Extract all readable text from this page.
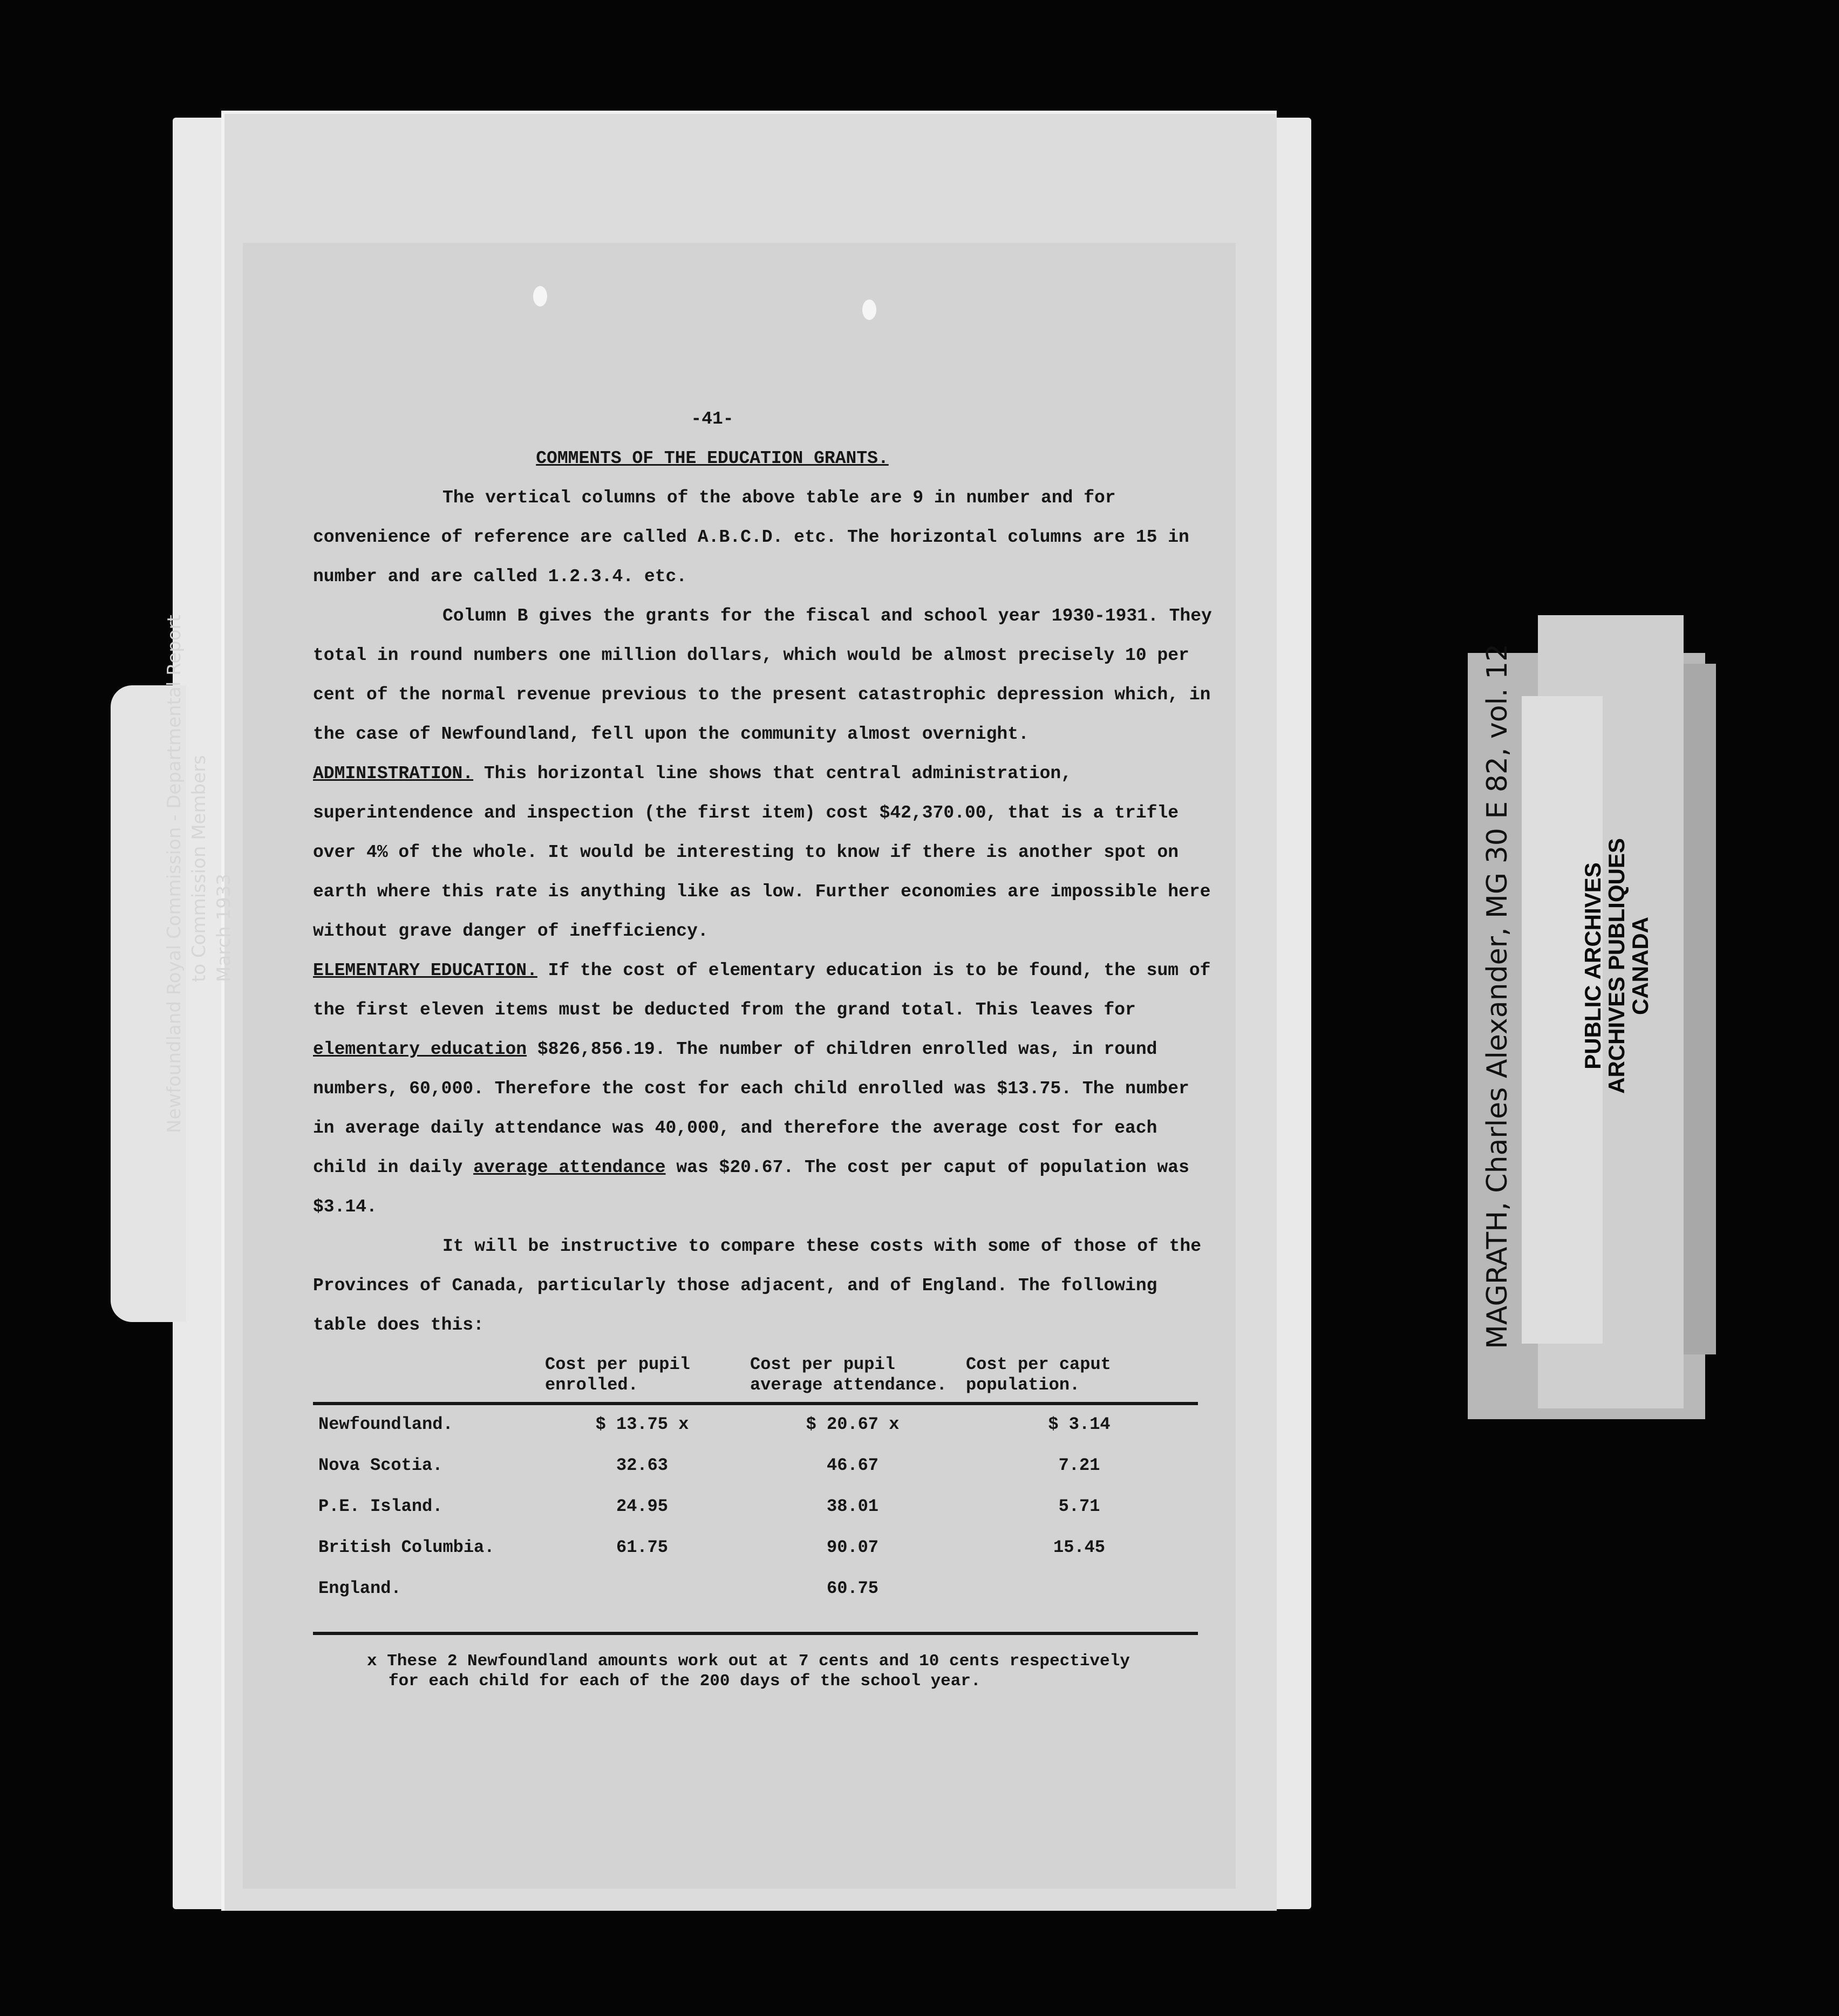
-41-
COMMENTS OF THE EDUCATION GRANTS.

The vertical columns of the above table are 9 in number and for convenience of reference are called A.B.C.D. etc. The horizontal columns are 15 in number and are called 1.2.3.4. etc.

Column B gives the grants for the fiscal and school year 1930-1931. They total in round numbers one million dollars, which would be almost precisely 10 per cent of the normal revenue previous to the present catastrophic depression which, in the case of Newfoundland, fell upon the community almost overnight.

ADMINISTRATION. This horizontal line shows that central administration, superintendence and inspection (the first item) cost $42,370.00, that is a trifle over 4% of the whole. It would be interesting to know if there is another spot on earth where this rate is anything like as low. Further economies are impossible here without grave danger of inefficiency.

ELEMENTARY EDUCATION. If the cost of elementary education is to be found, the sum of the first eleven items must be deducted from the grand total. This leaves for elementary education $826,856.19. The number of children enrolled was, in round numbers, 60,000. Therefore the cost for each child enrolled was $13.75. The number in average daily attendance was 40,000, and therefore the average cost for each child in daily average attendance was $20.67. The cost per caput of population was $3.14.

It will be instructive to compare these costs with some of those of the Provinces of Canada, particularly those adjacent, and of England. The following table does this:

	Cost per pupil enrolled.	Cost per pupil average attendance.	Cost per caput population.
Newfoundland.	$ 13.75 x	$ 20.67 x	$ 3.14
Nova Scotia.	32.63	46.67	7.21
P.E. Island.	24.95	38.01	5.71
British Columbia.	61.75	90.07	15.45
England.		60.75	
x These 2 Newfoundland amounts work out at 7 cents and 10 cents respectively for each child for each of the 200 days of the school year.
Newfoundland Royal Commission - Departmental Report to Commission Members March 1933	PUBLIC ARCHIVES
ARCHIVES PUBLIQUES
CANADA
MAGRATH, Charles Alexander, MG 30 E 82, vol. 12
